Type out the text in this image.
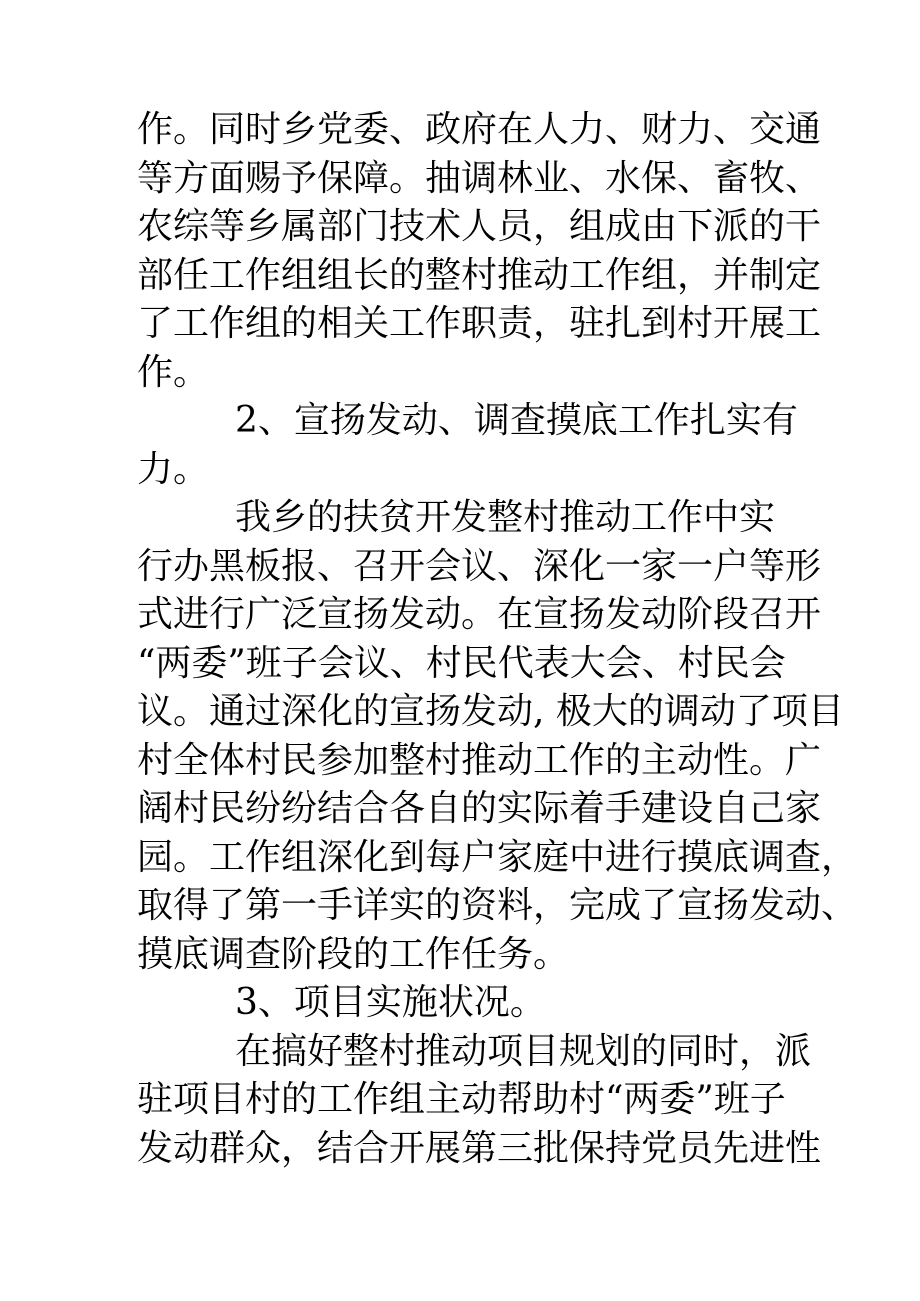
作。同时乡党委、政府在人力、财力、交通
等方面赐予保障。抽调林业、水保、畜牧、
农综等乡属部门技术人员，组成由下派的干
部任工作组组长的整村推动工作组，并制定
了工作组的相关工作职责，驻扎到村开展工
作。
2、宣扬发动、调查摸底工作扎实有
力。
我乡的扶贫开发整村推动工作中实
行办黑板报、召开会议、深化一家一户等形
式进行广泛宣扬发动。在宣扬发动阶段召开
“两委”班子会议、村民代表大会、村民会
议。通过深化的宣扬发动, 极大的调动了项目
村全体村民参加整村推动工作的主动性。广
阔村民纷纷结合各自的实际着手建设自己家
园。工作组深化到每户家庭中进行摸底调查，
取得了第一手详实的资料，完成了宣扬发动、
摸底调查阶段的工作任务。
3、项目实施状况。
在搞好整村推动项目规划的同时，派
驻项目村的工作组主动帮助村“两委”班子
发动群众，结合开展第三批保持党员先进性
